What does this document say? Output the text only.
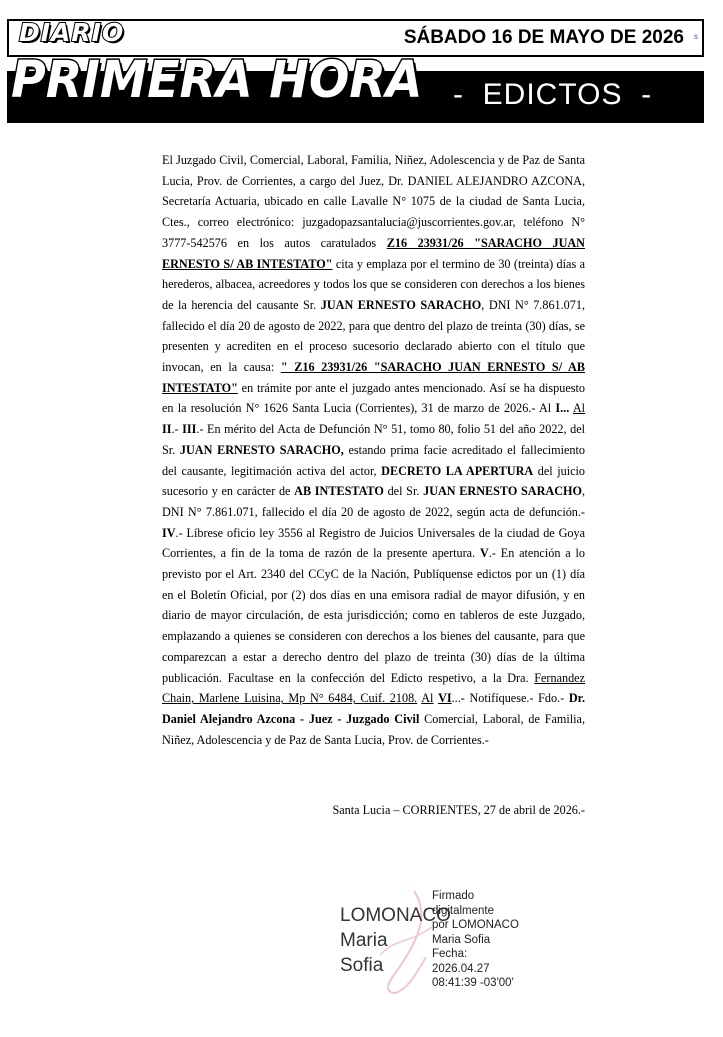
DIARIO	SÁBADO 16 DE MAYO DE 2026 ˢ
PRIMERA HORA -  EDICTOS  -

El Juzgado Civil, Comercial, Laboral, Familia, Niñez, Adolescencia y de Paz de Santa Lucia, Prov. de Corrientes, a cargo del Juez, Dr. DANIEL ALEJANDRO AZCONA, Secretaría Actuaria, ubicado en calle Lavalle N° 1075 de la ciudad de Santa Lucia, Ctes., correo electrónico: juzgadopazsantalucia@juscorrientes.gov.ar, teléfono N° 3777-542576 en los autos caratulados Z16 23931/26 "SARACHO JUAN ERNESTO S/ AB INTESTATO" cita y emplaza por el termino de 30 (treinta) días a herederos, albacea, acreedores y todos los que se consideren con derechos a los bienes de la herencia del causante Sr. JUAN ERNESTO SARACHO, DNI N° 7.861.071, fallecido el día 20 de agosto de 2022, para que dentro del plazo de treinta (30) días, se presenten y acrediten en el proceso sucesorio declarado abierto con el título que invocan, en la causa: " Z16 23931/26 "SARACHO JUAN ERNESTO S/ AB INTESTATO" en trámite por ante el juzgado antes mencionado. Así se ha dispuesto en la resolución N° 1626 Santa Lucia (Corrientes), 31 de marzo de 2026.- Al I... Al II.- III.- En mérito del Acta de Defunción N° 51, tomo 80, folio 51 del año 2022, del Sr. JUAN ERNESTO SARACHO, estando prima facie acreditado el fallecimiento del causante, legitimación activa del actor, DECRETO LA APERTURA del juicio sucesorio y en carácter de AB INTESTATO del Sr. JUAN ERNESTO SARACHO, DNI N° 7.861.071, fallecido el día 20 de agosto de 2022, según acta de defunción.- IV.- Líbrese oficio ley 3556 al Registro de Juicios Universales de la ciudad de Goya Corrientes, a fin de la toma de razón de la presente apertura. V.- En atención a lo previsto por el Art. 2340 del CCyC de la Nación, Publíquense edictos por un (1) día en el Boletín Oficial, por (2) dos días en una emisora radial de mayor difusión, y en diario de mayor circulación, de esta jurisdicción; como en tableros de este Juzgado, emplazando a quienes se consideren con derechos a los bienes del causante, para que comparezcan a estar a derecho dentro del plazo de treinta (30) días de la última publicación. Facultase en la confección del Edicto respetivo, a la Dra. Fernandez Chain, Marlene Luisina, Mp N° 6484, Cuif. 2108. Al VI...- Notifíquese.- Fdo.- Dr. Daniel Alejandro Azcona - Juez - Juzgado Civil Comercial, Laboral, de Familia, Niñez, Adolescencia y de Paz de Santa Lucia, Prov. de Corrientes.-

Santa Lucia – CORRIENTES, 27 de abril de 2026.-
LOMONACO Maria Sofia
Firmado
digitalmente
por LOMONACO
Maria Sofia
Fecha:
2026.04.27
08:41:39 -03'00'
